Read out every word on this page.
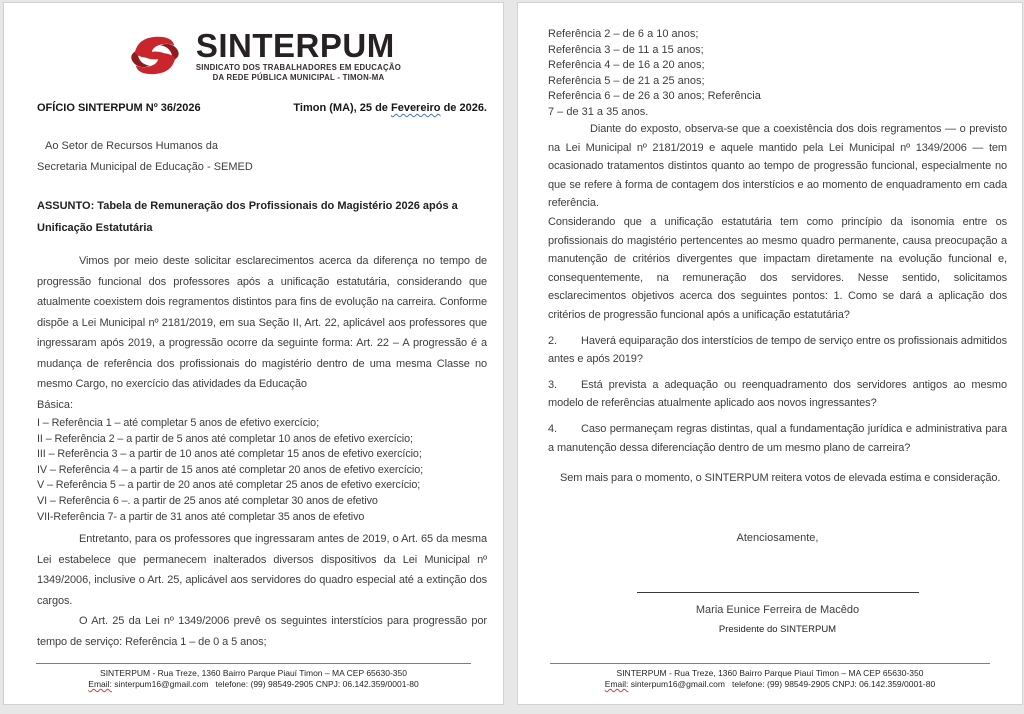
SINTERPUM
SINDICATO DOS TRABALHADORES EM EDUCAÇÃO
DA REDE PÚBLICA MUNICIPAL - TIMON-MA
OFÍCIO SINTERPUM Nº 36/2026	Timon (MA), 25 de Fevereiro de 2026.
Ao Setor de Recursos Humanos da
Secretaria Municipal de Educação - SEMED
ASSUNTO: Tabela de Remuneração dos Profissionais do Magistério 2026 após a Unificação Estatutária

Vimos por meio deste solicitar esclarecimentos acerca da diferença no tempo de progressão funcional dos professores após a unificação estatutária, considerando que atualmente coexistem dois regramentos distintos para fins de evolução na carreira. Conforme dispõe a Lei Municipal nº 2181/2019, em sua Seção II, Art. 22, aplicável aos professores que ingressaram após 2019, a progressão ocorre da seguinte forma: Art. 22 – A progressão é a mudança de referência dos profissionais do magistério dentro de uma mesma Classe no mesmo Cargo, no exercício das atividades da Educação

Básica:
I – Referência 1 – até completar 5 anos de efetivo exercício;
II – Referência 2 – a partir de 5 anos até completar 10 anos de efetivo exercício;
III – Referência 3 – a partir de 10 anos até completar 15 anos de efetivo exercício;
IV – Referência 4 – a partir de 15 anos até completar 20 anos de efetivo exercício;
V – Referência 5 – a partir de 20 anos até completar 25 anos de efetivo exercício;
VI – Referência 6 –. a partir de 25 anos até completar 30 anos de efetivo
VII-Referência 7- a partir de 31 anos até completar 35 anos de efetivo

Entretanto, para os professores que ingressaram antes de 2019, o Art. 65 da mesma Lei estabelece que permanecem inalterados diversos dispositivos da Lei Municipal nº 1349/2006, inclusive o Art. 25, aplicável aos servidores do quadro especial até a extinção dos cargos.

O Art. 25 da Lei nº 1349/2006 prevê os seguintes interstícios para progressão por tempo de serviço: Referência 1 – de 0 a 5 anos;

SINTERPUM - Rua Treze, 1360 Bairro Parque Piauí Timon – MA CEP 65630-350
Email: sinterpum16@gmail.com telefone: (99) 98549-2905 CNPJ: 06.142.359/0001-80
Referência 2 – de 6 a 10 anos;
Referência 3 – de 11 a 15 anos;
Referência 4 – de 16 a 20 anos;
Referência 5 – de 21 a 25 anos;
Referência 6 – de 26 a 30 anos; Referência
7 – de 31 a 35 anos.

Diante do exposto, observa-se que a coexistência dos dois regramentos — o previsto na Lei Municipal nº 2181/2019 e aquele mantido pela Lei Municipal nº 1349/2006 — tem ocasionado tratamentos distintos quanto ao tempo de progressão funcional, especialmente no que se refere à forma de contagem dos interstícios e ao momento de enquadramento em cada referência.

Considerando que a unificação estatutária tem como princípio da isonomia entre os profissionais do magistério pertencentes ao mesmo quadro permanente, causa preocupação a manutenção de critérios divergentes que impactam diretamente na evolução funcional e, consequentemente, na remuneração dos servidores. Nesse sentido, solicitamos esclarecimentos objetivos acerca dos seguintes pontos: 1. Como se dará a aplicação dos critérios de progressão funcional após a unificação estatutária?

2. Haverá equiparação dos interstícios de tempo de serviço entre os profissionais admitidos antes e após 2019?

3. Está prevista a adequação ou reenquadramento dos servidores antigos ao mesmo modelo de referências atualmente aplicado aos novos ingressantes?

4. Caso permaneçam regras distintas, qual a fundamentação jurídica e administrativa para a manutenção dessa diferenciação dentro de um mesmo plano de carreira?

Sem mais para o momento, o SINTERPUM reitera votos de elevada estima e consideração.

Atenciosamente,
Maria Eunice Ferreira de Macêdo
Presidente do SINTERPUM
SINTERPUM - Rua Treze, 1360 Bairro Parque Piauí Timon – MA CEP 65630-350
Email: sinterpum16@gmail.com telefone: (99) 98549-2905 CNPJ: 06.142.359/0001-80
